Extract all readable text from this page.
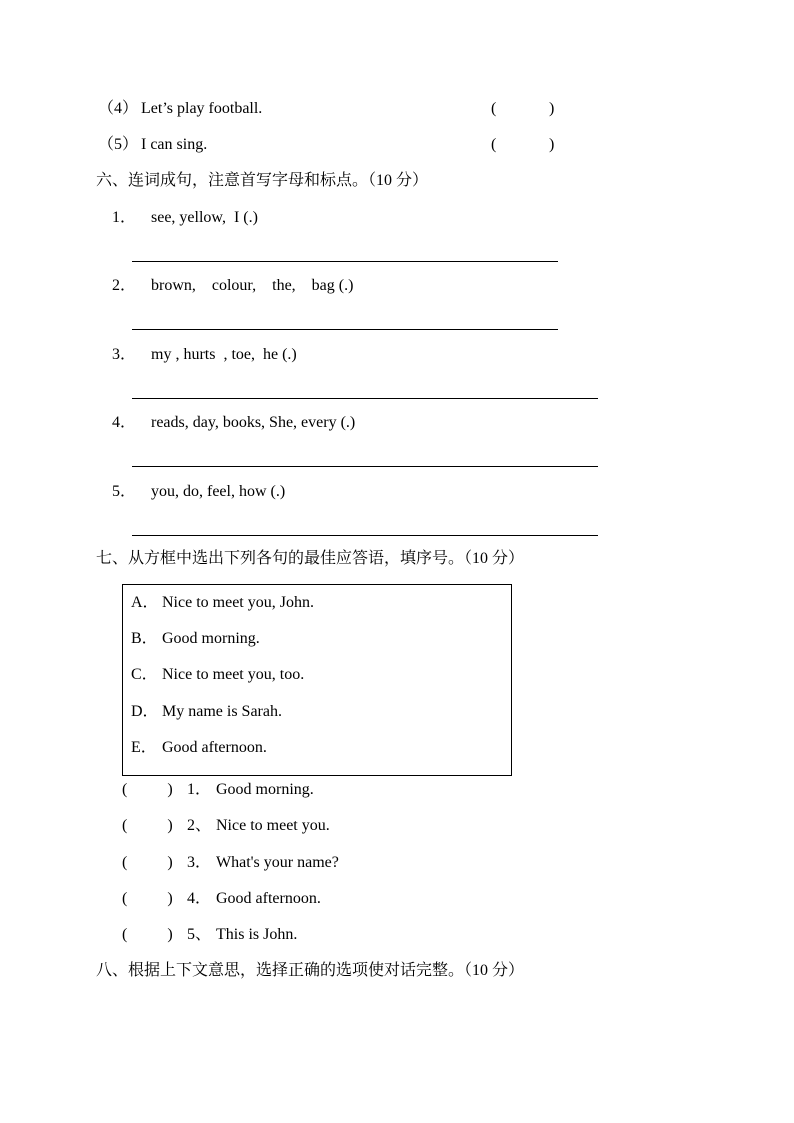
（4） Let’s play football.	(	)
（5） I can sing.	(	)
六、连词成句，注意首写字母和标点。（10 分）
1． see, yellow,  I (.)
2． brown,    colour,    the,    bag (.)
3． my , hurts  , toe,  he (.)
4． reads, day, books, She, every (.)
5． you, do, feel, how (.)
七、从方框中选出下列各句的最佳应答语，填序号。（10 分）
A． Nice to meet you, John.
B． Good morning.
C． Nice to meet you, too.
D． My name is Sarah.
E． Good afternoon.
(          ) 1． Good morning.
(          ) 2、 Nice to meet you.
(          ) 3． What's your name?
(          ) 4． Good afternoon.
(          ) 5、 This is John.
八、根据上下文意思，选择正确的选项使对话完整。（10 分）
